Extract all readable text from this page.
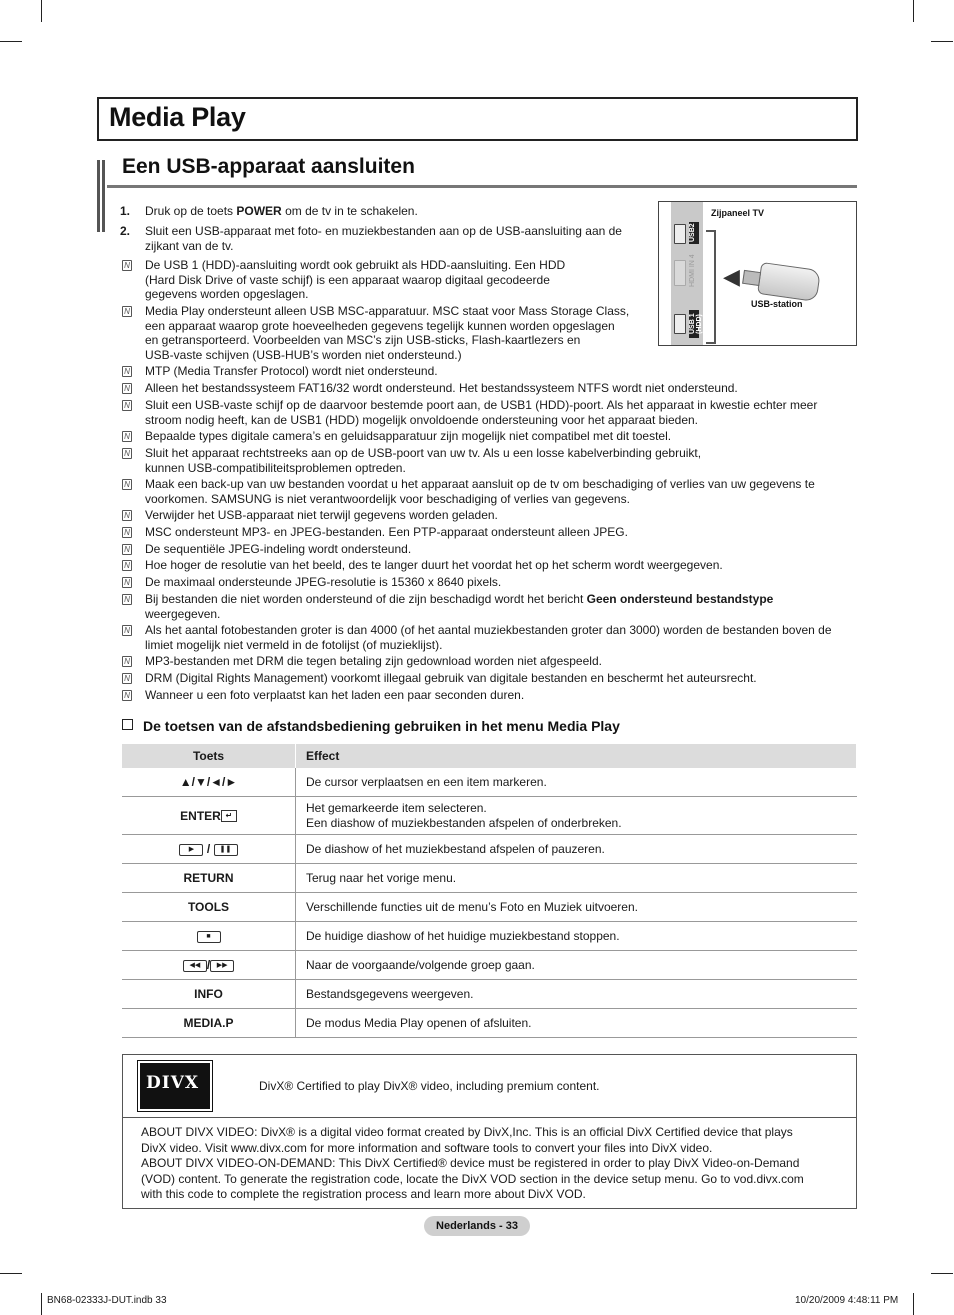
Media Play
Een USB-apparaat aansluiten
1. Druk op de toets POWER om de tv in te schakelen.
2. Sluit een USB-apparaat met foto- en muziekbestanden aan op de USB-aansluiting aan de
zijkant van de tv.
N De USB 1 (HDD)-aansluiting wordt ook gebruikt als HDD-aansluiting. Een HDD
(Hard Disk Drive of vaste schijf) is een apparaat waarop digitaal gecodeerde
gegevens worden opgeslagen.
N Media Play ondersteunt alleen USB MSC-apparatuur. MSC staat voor Mass Storage Class,
een apparaat waarop grote hoeveelheden gegevens tegelijk kunnen worden opgeslagen
en getransporteerd. Voorbeelden van MSC’s zijn USB-sticks, Flash-kaartlezers en
USB-vaste schijven (USB-HUB’s worden niet ondersteund.)
USB2
HDMI IN 4
USB 1 (HDD)
Zijpaneel TV
◀
USB-station
N MTP (Media Transfer Protocol) wordt niet ondersteund.
N Alleen het bestandssysteem FAT16/32 wordt ondersteund. Het bestandssysteem NTFS wordt niet ondersteund.
N Sluit een USB-vaste schijf op de daarvoor bestemde poort aan, de USB1 (HDD)-poort. Als het apparaat in kwestie echter meer
stroom nodig heeft, kan de USB1 (HDD) mogelijk onvoldoende ondersteuning voor het apparaat bieden.
N Bepaalde types digitale camera’s en geluidsapparatuur zijn mogelijk niet compatibel met dit toestel.
N Sluit het apparaat rechtstreeks aan op de USB-poort van uw tv. Als u een losse kabelverbinding gebruikt,
kunnen USB-compatibiliteitsproblemen optreden.
N Maak een back-up van uw bestanden voordat u het apparaat aansluit op de tv om beschadiging of verlies van uw gegevens te
voorkomen. SAMSUNG is niet verantwoordelijk voor beschadiging of verlies van gegevens.
N Verwijder het USB-apparaat niet terwijl gegevens worden geladen.
N MSC ondersteunt MP3- en JPEG-bestanden. Een PTP-apparaat ondersteunt alleen JPEG.
N De sequentiële JPEG-indeling wordt ondersteund.
N Hoe hoger de resolutie van het beeld, des te langer duurt het voordat het op het scherm wordt weergegeven.
N De maximaal ondersteunde JPEG-resolutie is 15360 x 8640 pixels.
N Bij bestanden die niet worden ondersteund of die zijn beschadigd wordt het bericht Geen ondersteund bestandstype
weergegeven.
N Als het aantal fotobestanden groter is dan 4000 (of het aantal muziekbestanden groter dan 3000) worden de bestanden boven de
limiet mogelijk niet vermeld in de fotolijst (of muzieklijst).
N MP3-bestanden met DRM die tegen betaling zijn gedownload worden niet afgespeeld.
N DRM (Digital Rights Management) voorkomt illegaal gebruik van digitale bestanden en beschermt het auteursrecht.
N Wanneer u een foto verplaatst kan het laden een paar seconden duren.
De toetsen van de afstandsbediening gebruiken in het menu Media Play
Toets	Effect
▲/▼/◄/►	De cursor verplaatsen en een item markeren.

ENTER ↵	Het gemarkeerde item selecteren.
Een diashow of muziekbestanden afspelen of onderbreken.

▶ / ❚❚	De diashow of het muziekbestand afspelen of pauzeren.

RETURN	Terug naar het vorige menu.

TOOLS	Verschillende functies uit de menu’s Foto en Muziek uitvoeren.

■	De huidige diashow of het huidige muziekbestand stoppen.

◀◀ / ▶▶	Naar de voorgaande/volgende groep gaan.

INFO	Bestandsgegevens weergeven.

MEDIA.P	De modus Media Play openen of afsluiten.
DIVX	DivX® Certified to play DivX® video, including premium content.
ABOUT DIVX VIDEO: DivX® is a digital video format created by DivX,Inc. This is an official DivX Certified device that plays
DivX video. Visit www.divx.com for more information and software tools to convert your files into DivX video.
ABOUT DIVX VIDEO-ON-DEMAND: This DivX Certified® device must be registered in order to play DivX Video-on-Demand
(VOD) content. To generate the registration code, locate the DivX VOD section in the device setup menu. Go to vod.divx.com
with this code to complete the registration process and learn more about DivX VOD.
Nederlands - 33
BN68-02333J-DUT.indb 33	10/20/2009 4:48:11 PM
